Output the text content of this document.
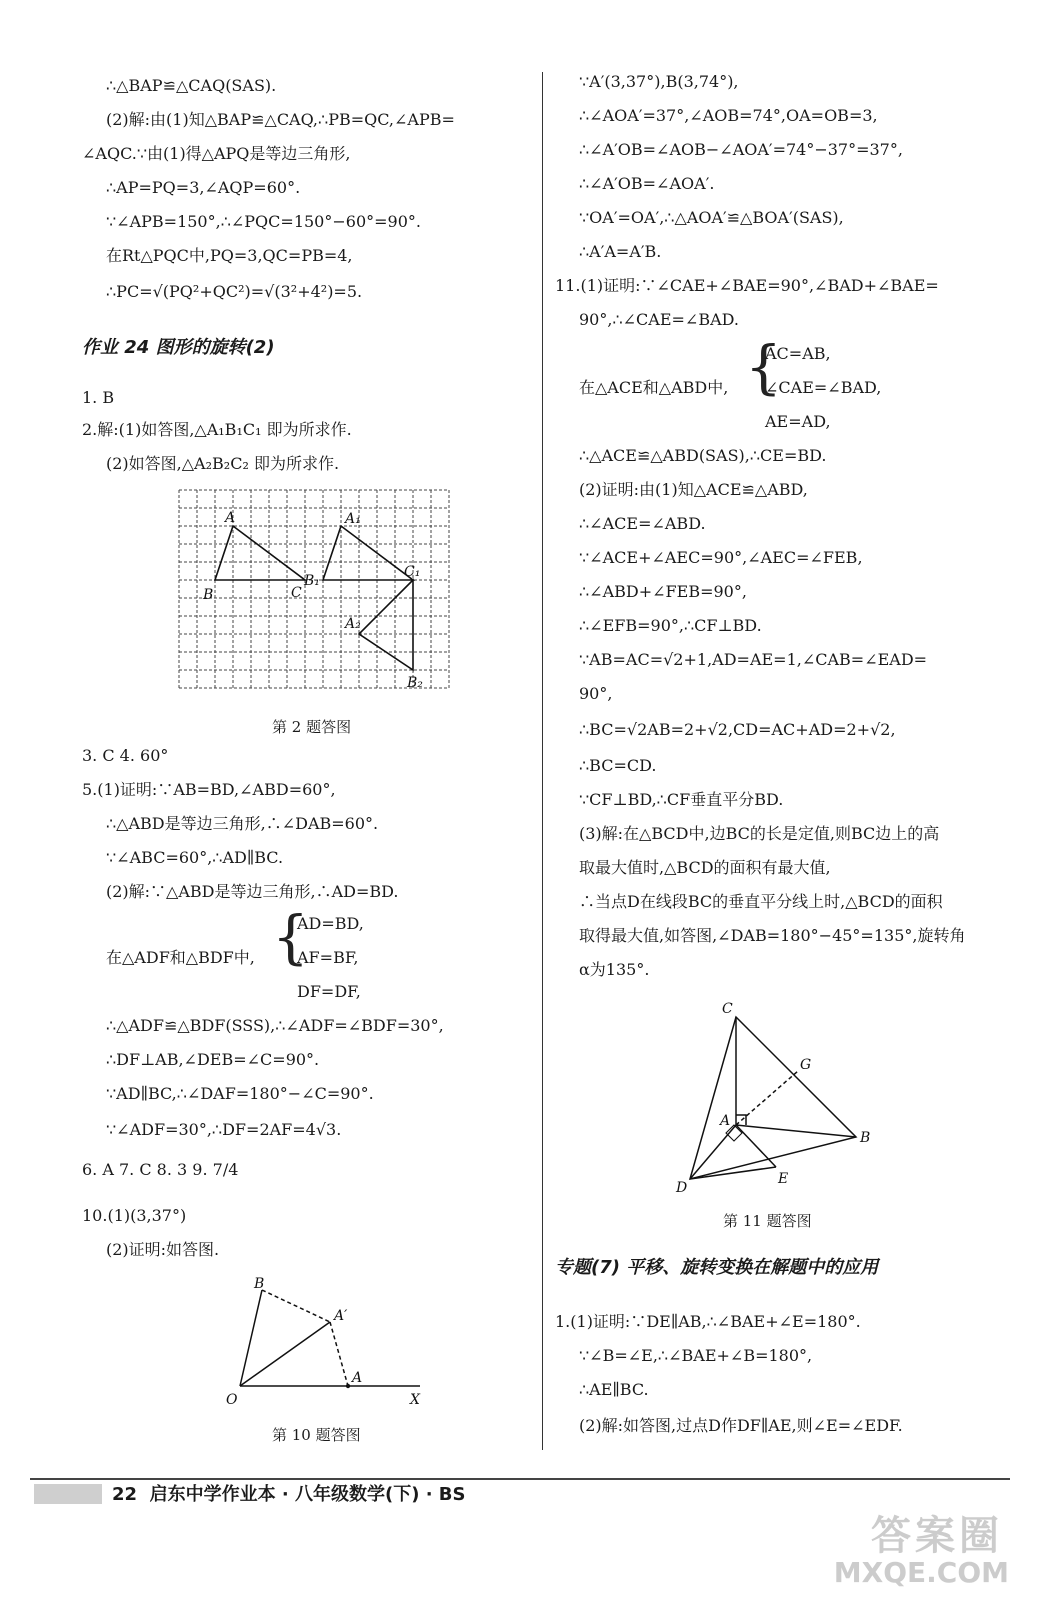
∴△BAP≌△CAQ(SAS).
(2)解:由(1)知△BAP≌△CAQ,∴PB=QC,∠APB=
∠AQC.∵由(1)得△APQ是等边三角形,
∴AP=PQ=3,∠AQP=60°.
∵∠APB=150°,∴∠PQC=150°−60°=90°.
在Rt△PQC中,PQ=3,QC=PB=4,
∴PC=√(PQ²+QC²)=√(3²+4²)=5.
作业 24 图形的旋转(2)
1. B
2.解:(1)如答图,△A₁B₁C₁ 即为所求作.
(2)如答图,△A₂B₂C₂ 即为所求作.
A
B	C
A₁
B₁
C₁
A₂
B₂
第 2 题答图
3. C 4. 60°
5.(1)证明:∵AB=BD,∠ABD=60°,
∴△ABD是等边三角形,∴∠DAB=60°.
∵∠ABC=60°,∴AD∥BC.
(2)解:∵△ABD是等边三角形,∴AD=BD.
{
AD=BD,
在△ADF和△BDF中,	AF=BF,
DF=DF,
∴△ADF≌△BDF(SSS),∴∠ADF=∠BDF=30°,
∴DF⊥AB,∠DEB=∠C=90°.
∵AD∥BC,∴∠DAF=180°−∠C=90°.
∵∠ADF=30°,∴DF=2AF=4√3.
6. A 7. C 8. 3 9. 7/4
10.(1)(3,37°)
(2)证明:如答图.
B
A′
O
A
X
第 10 题答图
∵A′(3,37°),B(3,74°),
∴∠AOA′=37°,∠AOB=74°,OA=OB=3,
∴∠A′OB=∠AOB−∠AOA′=74°−37°=37°,
∴∠A′OB=∠AOA′.
∵OA′=OA′,∴△AOA′≌△BOA′(SAS),
∴A′A=A′B.
11.(1)证明:∵∠CAE+∠BAE=90°,∠BAD+∠BAE=
90°,∴∠CAE=∠BAD.
{
AC=AB,
在△ACE和△ABD中, ∠CAE=∠BAD,
AE=AD,
∴△ACE≌△ABD(SAS),∴CE=BD.
(2)证明:由(1)知△ACE≌△ABD,
∴∠ACE=∠ABD.
∵∠ACE+∠AEC=90°,∠AEC=∠FEB,
∴∠ABD+∠FEB=90°,
∴∠EFB=90°,∴CF⊥BD.
∵AB=AC=√2+1,AD=AE=1,∠CAB=∠EAD=
90°,
∴BC=√2AB=2+√2,CD=AC+AD=2+√2,
∴BC=CD.
∵CF⊥BD,∴CF垂直平分BD.
(3)解:在△BCD中,边BC的长是定值,则BC边上的高
取最大值时,△BCD的面积有最大值,
∴当点D在线段BC的垂直平分线上时,△BCD的面积
取得最大值,如答图,∠DAB=180°−45°=135°,旋转角
α为135°.
C
G
A
B
D
E
第 11 题答图
专题(7) 平移、旋转变换在解题中的应用
1.(1)证明:∵DE∥AB,∴∠BAE+∠E=180°.
∵∠B=∠E,∴∠BAE+∠B=180°,
∴AE∥BC.
(2)解:如答图,过点D作DF∥AE,则∠E=∠EDF.
22 启东中学作业本 · 八年级数学(下) · BS
答案圈
MXQE.COM
